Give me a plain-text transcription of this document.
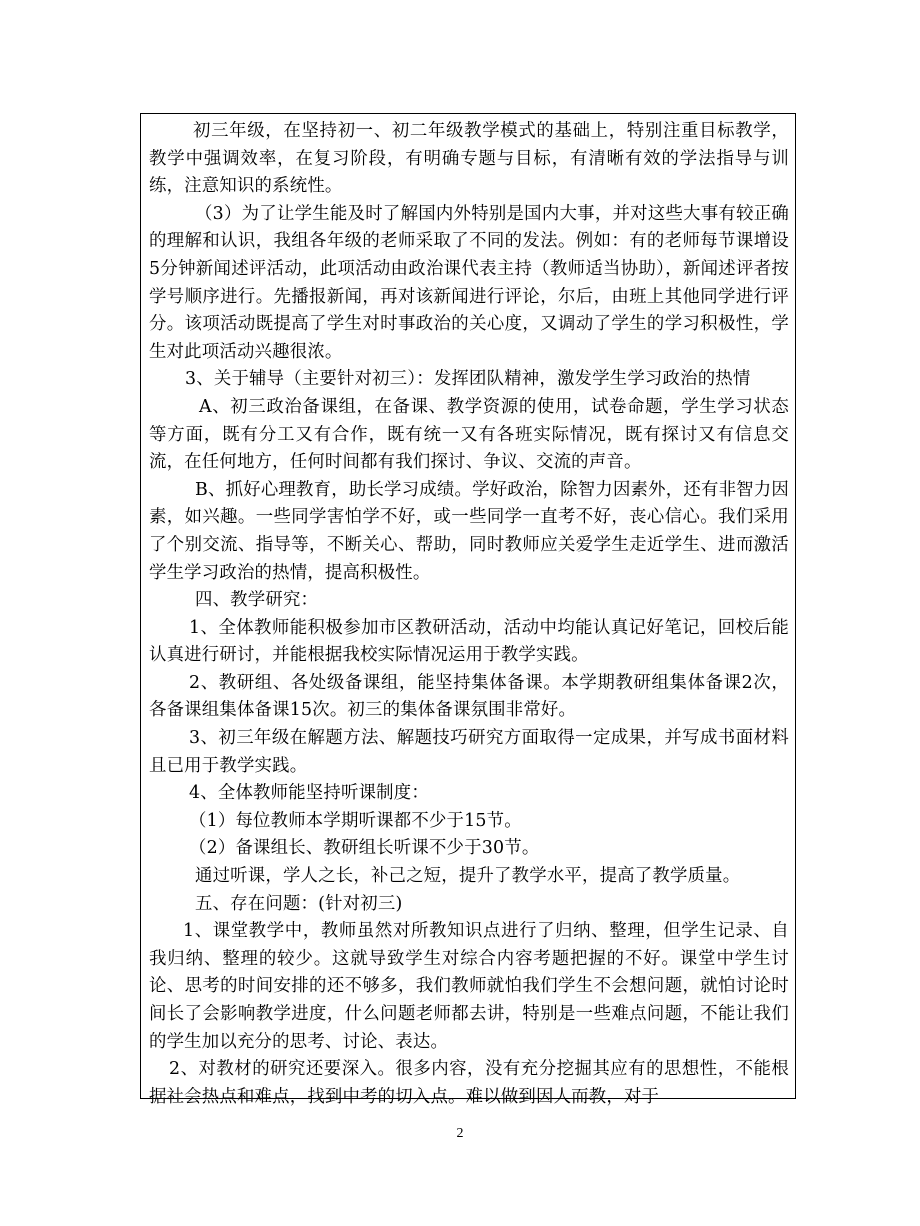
初三年级，在坚持初一、初二年级教学模式的基础上，特别注重目标教学，教学中强调效率，在复习阶段，有明确专题与目标，有清晰有效的学法指导与训练，注意知识的系统性。

（3）为了让学生能及时了解国内外特别是国内大事，并对这些大事有较正确的理解和认识，我组各年级的老师采取了不同的发法。例如：有的老师每节课增设5分钟新闻述评活动，此项活动由政治课代表主持（教师适当协助），新闻述评者按学号顺序进行。先播报新闻，再对该新闻进行评论，尔后，由班上其他同学进行评分。该项活动既提高了学生对时事政治的关心度，又调动了学生的学习积极性，学生对此项活动兴趣很浓。

3、关于辅导（主要针对初三）：发挥团队精神，激发学生学习政治的热情

A、初三政治备课组，在备课、教学资源的使用，试卷命题，学生学习状态等方面，既有分工又有合作，既有统一又有各班实际情况，既有探讨又有信息交流，在任何地方，任何时间都有我们探讨、争议、交流的声音。

B、抓好心理教育，助长学习成绩。学好政治，除智力因素外，还有非智力因素，如兴趣。一些同学害怕学不好，或一些同学一直考不好，丧心信心。我们采用了个别交流、指导等，不断关心、帮助，同时教师应关爱学生走近学生、进而激活学生学习政治的热情，提高积极性。

四、教学研究：

1、全体教师能积极参加市区教研活动，活动中均能认真记好笔记，回校后能认真进行研讨，并能根据我校实际情况运用于教学实践。

2、教研组、各处级备课组，能坚持集体备课。本学期教研组集体备课2次，各备课组集体备课15次。初三的集体备课氛围非常好。

3、初三年级在解题方法、解题技巧研究方面取得一定成果，并写成书面材料且已用于教学实践。

4、全体教师能坚持听课制度：

（1）每位教师本学期听课都不少于15节。

（2）备课组长、教研组长听课不少于30节。

通过听课，学人之长，补己之短，提升了教学水平，提高了教学质量。

五、存在问题：(针对初三)

1、课堂教学中，教师虽然对所教知识点进行了归纳、整理，但学生记录、自我归纳、整理的较少。这就导致学生对综合内容考题把握的不好。课堂中学生讨论、思考的时间安排的还不够多，我们教师就怕我们学生不会想问题，就怕讨论时间长了会影响教学进度，什么问题老师都去讲，特别是一些难点问题，不能让我们的学生加以充分的思考、讨论、表达。

2、对教材的研究还要深入。很多内容，没有充分挖掘其应有的思想性，不能根据社会热点和难点，找到中考的切入点。难以做到因人而教，对于

2
